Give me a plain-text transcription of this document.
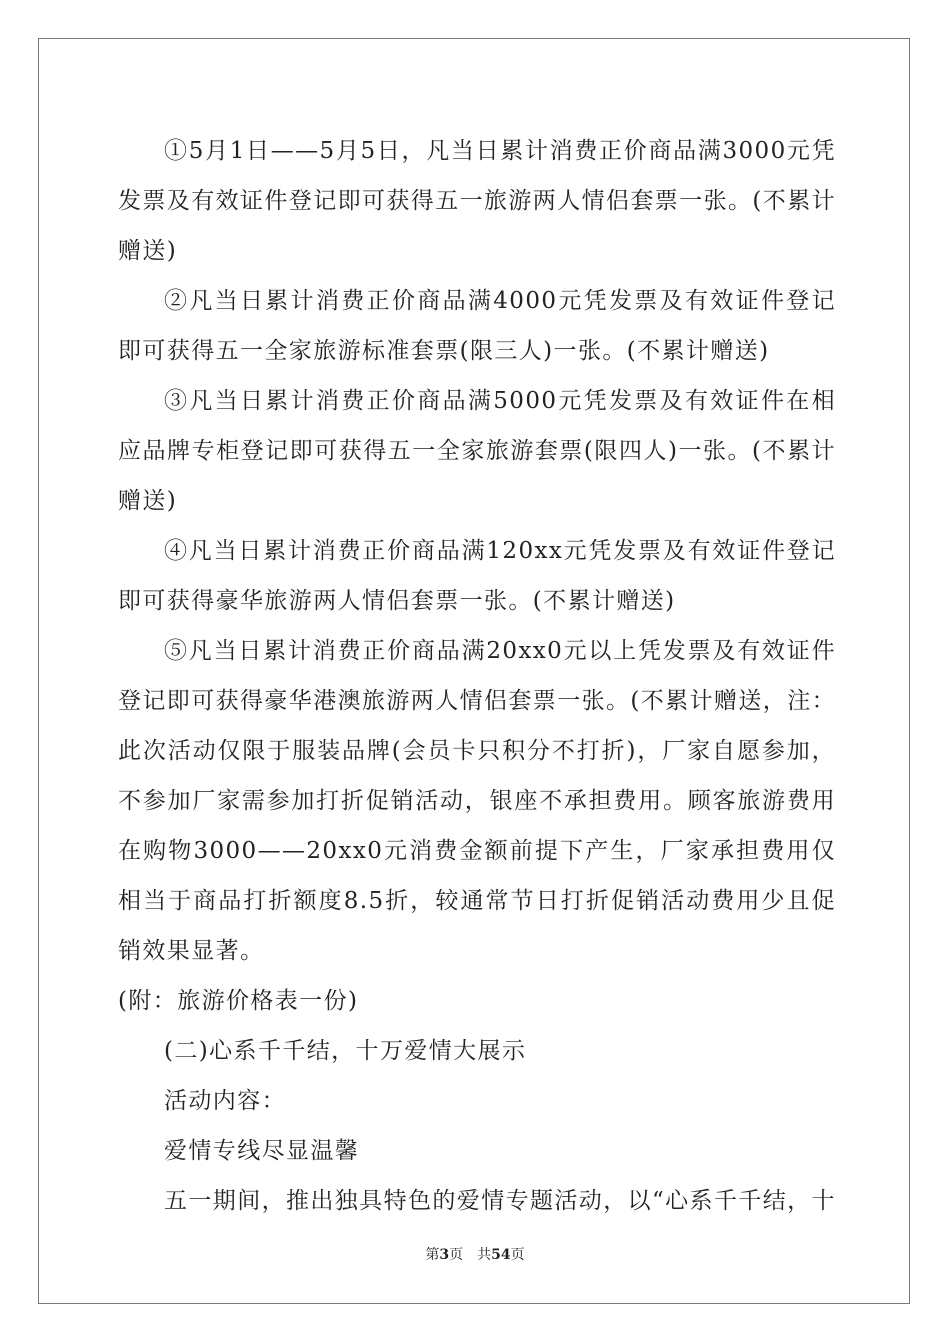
①5月1日——5月5日，凡当日累计消费正价商品满3000元凭发票及有效证件登记即可获得五一旅游两人情侣套票一张。(不累计赠送)

②凡当日累计消费正价商品满4000元凭发票及有效证件登记即可获得五一全家旅游标准套票(限三人)一张。(不累计赠送)

③凡当日累计消费正价商品满5000元凭发票及有效证件在相应品牌专柜登记即可获得五一全家旅游套票(限四人)一张。(不累计赠送)

④凡当日累计消费正价商品满120xx元凭发票及有效证件登记即可获得豪华旅游两人情侣套票一张。(不累计赠送)

⑤凡当日累计消费正价商品满20xx0元以上凭发票及有效证件登记即可获得豪华港澳旅游两人情侣套票一张。(不累计赠送，注：此次活动仅限于服装品牌(会员卡只积分不打折)，厂家自愿参加，不参加厂家需参加打折促销活动，银座不承担费用。顾客旅游费用在购物3000——20xx0元消费金额前提下产生，厂家承担费用仅相当于商品打折额度8.5折，较通常节日打折促销活动费用少且促销效果显著。

(附：旅游价格表一份)

(二)心系千千结，十万爱情大展示

活动内容：

爱情专线尽显温馨

五一期间，推出独具特色的爱情专题活动，以“心系千千结，十

第3页 共54页
